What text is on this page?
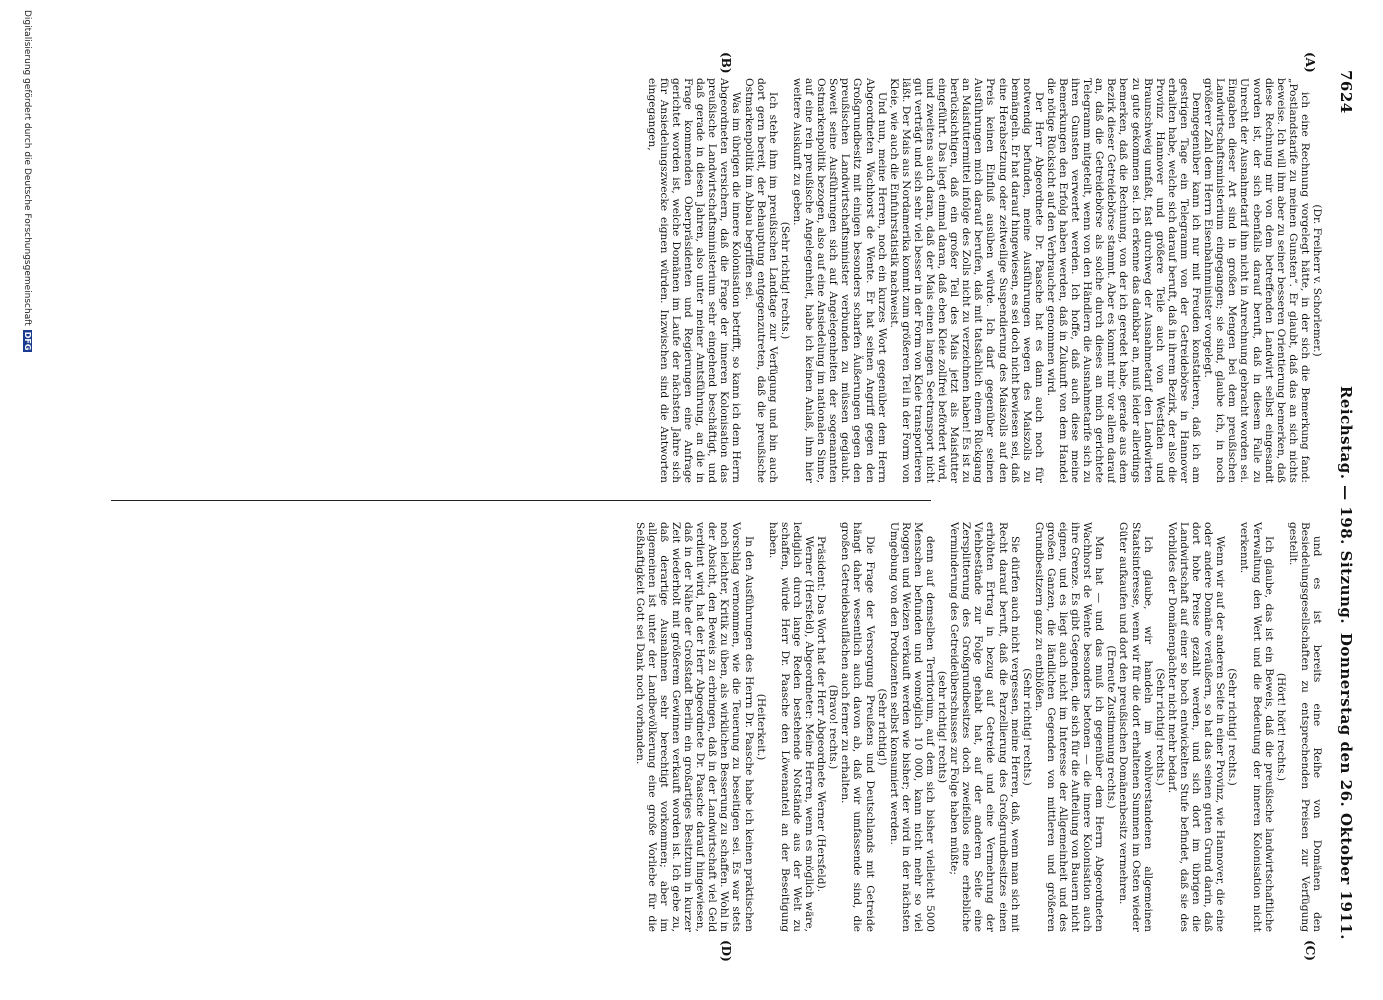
7624
Reichstag. — 198. Sitzung.
Donnerstag den 26. Oktober 1911.
(A)
(B)
(C)
(D)

(Dr. Freiherr v. Schorlemer.)

ich eine Rechnung vorgelegt hätte, in der sich die Bemerkung fand: „Postlandstarife zu meinen Gunsten“. Er glaubt, daß das an sich nichts beweise. Ich will ihm aber zu seiner besseren Orientierung bemerken, daß diese Rechnung mir von dem betreffenden Landwirt selbst eingesandt worden ist, der sich ebenfalls darauf beruft, daß in diesem Falle zu Unrecht der Ausnahmetarif ihm nicht in Anrechnung gebracht worden sei. Eingaben dieser Art sind in großen Mengen bei dem preußischen Landwirtschaftsministerium eingegangen; sie sind, glaube ich, in noch größerer Zahl dem Herrn Eisenbahnminister vorgelegt.

Demgegenüber kann ich nur mit Freuden konstatieren, daß ich am gestrigen Tage ein Telegramm von der Getreidebörse in Hannover erhalten habe, welche sich darauf beruft, daß in ihrem Bezirk, der also die Provinz Hannover und größere Teile auch von Westfalen und Braunschweig umfaßt, fast durchweg der Ausnahmetarif den Landwirten zu gute gekommen sei. Ich erkenne das dankbar an, muß leider allerdings bemerken, daß die Rechnung, von der ich geredet habe, gerade aus dem Bezirk dieser Getreidebörse stammt. Aber es kommt mir vor allem darauf an, daß die Getreidebörse als solche durch dieses an mich gerichtete Telegramm mitgeteilt, wenn von den Händlern die Ausnahmetarife sich zu ihren Gunsten verwertet werden. Ich hoffe, daß auch diese meine Bemerkungen den Erfolg haben werden, daß in Zukunft von dem Handel die nötige Rücksicht auf den Verbraucher genommen wird.

Der Herr Abgeordnete Dr. Paasche hat es dann auch noch für notwendig befunden, meine Ausführungen wegen des Maiszolls zu bemängeln. Er hat darauf hingewiesen, es sei doch nicht bewiesen sei, daß eine Herabsetzung oder zeitweilige Suspendierung des Maiszolls auf den Preis keinen Einfluß ausüben würde. Ich darf gegenüber seinen Ausführungen mich darauf berufen, daß mit tatsächlich einem Rückgang an Maisfuttermittel infolge des Zolls nicht zu verzeichnen haben! Es ist zu berücksichtigen, daß ein großer Teil des Mais jetzt als Maisfutter eingeführt. Das liegt einmal daran, daß eben Kleie zollfrei befördert wird, und zweitens auch daran, daß der Mais einen langen Seetransport nicht gut verträgt und sich sehr viel besser in der Form von Kleie transportieren läßt. Der Mais aus Nordamerika kommt zum größeren Teil in der Form von Kleie, wie auch die Einfuhrstatistik nachweist.

Und nun, meine Herren, noch ein kurzes Wort gegenüber dem Herrn Abgeordneten Wachhorst de Wente. Er hat seinen Angriff gegen den Großgrundbesitz mit einigen besonders scharfen Äußerungen gegen den preußischen Landwirtschaftsminister verbunden zu müssen geglaubt. Soweit seine Ausführungen sich auf Angelegenheiten der sogenannten Ostmarkenpolitik bezogen, also auf eine Ansiedelung im nationalen Sinne, auf eine rein preußische Angelegenheit, habe ich keinen Anlaß, ihm hier weitere Auskunft zu geben.

(Sehr richtig! rechts.)

Ich stehe ihm im preußischen Landtage zur Verfügung und bin auch dort gern bereit, der Behauptung entgegenzutreten, daß die preußische Ostmarkenpolitik im Abbau begriffen sei.

Was im übrigen die innere Kolonisation betrifft, so kann ich dem Herrn Abgeordneten versichern, daß die Frage der inneren Kolonisation das preußische Landwirtschaftsministerium sehr eingehend beschäftigt, und daß gerade in diesen Jahren, also unter meiner Amtsführung, an die in Frage kommenden Oberpräsidenten und Regierungen eine Anfrage gerichtet worden ist, welche Domänen im Laufe der nächsten Jahre sich für Ansiedelungszwecke eignen würden. Inzwischen sind die Antworten eingegangen,

und es ist bereits eine Reihe von Domänen den Besiedelungsgesellschaften zu entsprechenden Preisen zur Verfügung gestellt.

(Hört! hört! rechts.)

Ich glaube, das ist ein Beweis, daß die preußische landwirtschaftliche Verwaltung den Wert und die Bedeutung der inneren Kolonisation nicht verkennt.

(Sehr richtig! rechts.)

Wenn wir auf der anderen Seite in einer Provinz, wie Hannover, die eine oder andere Domäne veräußern, so hat das seinen guten Grund darin, daß dort hohe Preise gezahlt werden, und sich dort im übrigen die Landwirtschaft auf einer so hoch entwickelten Stufe befindet, daß sie des Vorbildes der Domänenpächter nicht mehr bedarf.

(Sehr richtig! rechts.)

Ich glaube, wir handeln im wohlverstandenen allgemeinen Staatsinteresse, wenn wir für die dort erhaltenen Summen im Osten wieder Güter aufkaufen und dort den preußischen Domänenbesitz vermehren.

(Erneute Zustimmung rechts.)

Man hat — und das muß ich gegenüber dem Herrn Abgeordneten Wachhorst de Wente besonders betonen — die innere Kolonisation auch ihre Grenze. Es gibt Gegenden, die sich für die Aufteilung von Bauern nicht eignen, und es liegt auch nicht im Interesse der Allgemeinheit und des großen Ganzen, die ländlichen Gegenden von mittleren und größeren Grundbesitzern ganz zu entblößen.

(Sehr richtig! rechts.)

Sie dürfen auch nicht vergessen, meine Herren, daß, wenn man sich mit Recht darauf beruft, daß die Parzellierung des Großgrundbesitzes einen erhöhten Ertrag in bezug auf Getreide und eine Vermehrung der Viehbestände zur Folge gehabt hat, auf der anderen Seite eine Zersplitterung des Großgrundbesitzes doch zweifellos eine erhebliche Verminderung des Getreideüberschusses zur Folge haben müßte;

(sehr richtig! rechts)

denn auf demselben Territorium, auf dem sich bisher vielleicht 5000 Menschen befunden und womöglich 10 000, kann nicht mehr so viel Roggen und Weizen verkauft werden wie bisher; der wird in der nächsten Umgebung von den Produzenten selbst konsumiert werden.

(Sehr richtig!)

Die Frage der Versorgung Preußens und Deutschlands mit Getreide hängt daher wesentlich auch davon ab, daß wir umfassende sind, die großen Getreidebauflächen auch ferner zu erhalten.

(Bravo! rechts.)

Präsident: Das Wort hat der Herr Abgeordnete Werner (Hersfeld).

Werner (Hersfeld), Abgeordneter: Meine Herren, wenn es möglich wäre, lediglich durch lange Reden bestehende Notstände aus der Welt zu schaffen, würde Herr Dr. Paasche den Löwenanteil an der Beseitigung haben.

(Heiterkeit.)

In den Ausführungen des Herrn Dr. Paasche habe ich keinen praktischen Vorschlag vernommen, wie die Teuerung zu beseitigen sei. Es war stets noch leichter, Kritik zu üben, als wirklichen Besserung zu schaffen. Wohl in der Absicht, den Beweis zu erbringen, daß in der Landwirtschaft viel Geld verdient wird, hat der Herr Abgeordnete Dr. Paasche darauf hingewiesen, daß in der Nähe der Großstadt Berlin ein großartiges Besitztum in kurzer Zeit wiederholt mit größerem Gewinnen verkauft worden ist. Ich gebe zu, daß derartige Ausnahmen sehr berechtigt vorkommen; aber im allgemeinen ist unter der Landbevölkerung eine große Vorliebe für die Seßhaftigkeit Gott sei Dank noch vorhanden.

Digitalisierung gefördert durch die Deutsche ForschungsgemeinschaftDFG
